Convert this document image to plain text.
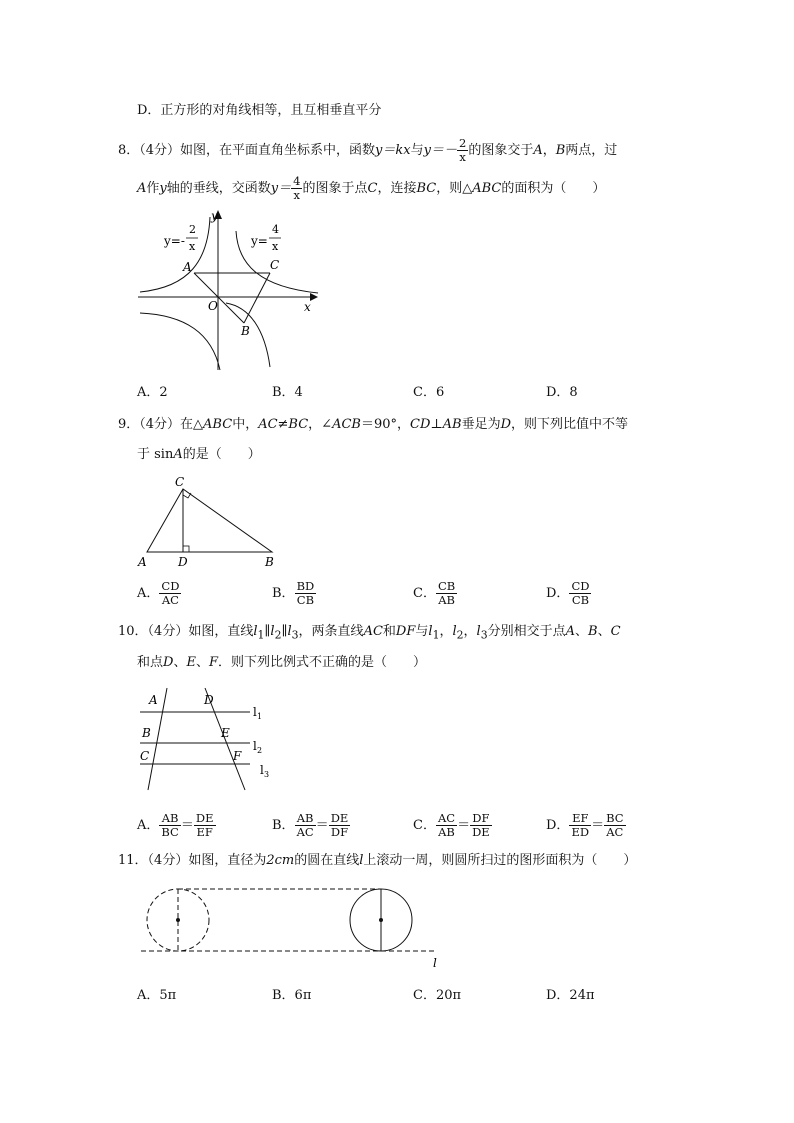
D．正方形的对角线相等，且互相垂直平分
8．（4分）如图，在平面直角坐标系中，函数y＝kx与$y=- \frac{2}{x}$ 的图象交于A，B两点，过
A作y轴的垂线，交函数$y= \frac{4}{x}$ 的图象于点C，连接BC，则△ABC的面积为（　　）
y=-
2
x	y=
4
x
A	C
O
B
x
y
A．2	B．4	C．6	D．8
9．（4分）在△ABC中，AC≠BC，∠ACB＝90°，CD⊥AB垂足为D，则下列比值中不等
于 sinA的是（　　）
C
A	D	B
A． $\frac{CD}{AC}$	B． $\frac{BD}{CB}$	C． $\frac{CB}{AB}$	D． $\frac{CD}{CB}$
10．（4分）如图，直线$l_1\parallel l_2\parallel l_3$，两条直线AC和DF与$l_1$，$l_2$，$l_3$分别相交于点A、B、C
和点D、E、F．则下列比例式不正确的是（　　）
A	D
l 1
B	E
l 2
C	F
l 3
A． $\frac{AB}{BC} = \frac{DE}{EF}$	B． $\frac{AB}{AC} = \frac{DE}{DF}$	C． $\frac{AC}{AB} = \frac{DF}{DE}$	D． $\frac{EF}{ED} = \frac{BC}{AC}$
11．（4分）如图，直径为2cm的圆在直线l上滚动一周，则圆所扫过的图形面积为（　　）
l
A．5π	B．6π	C．20π	D．24π
